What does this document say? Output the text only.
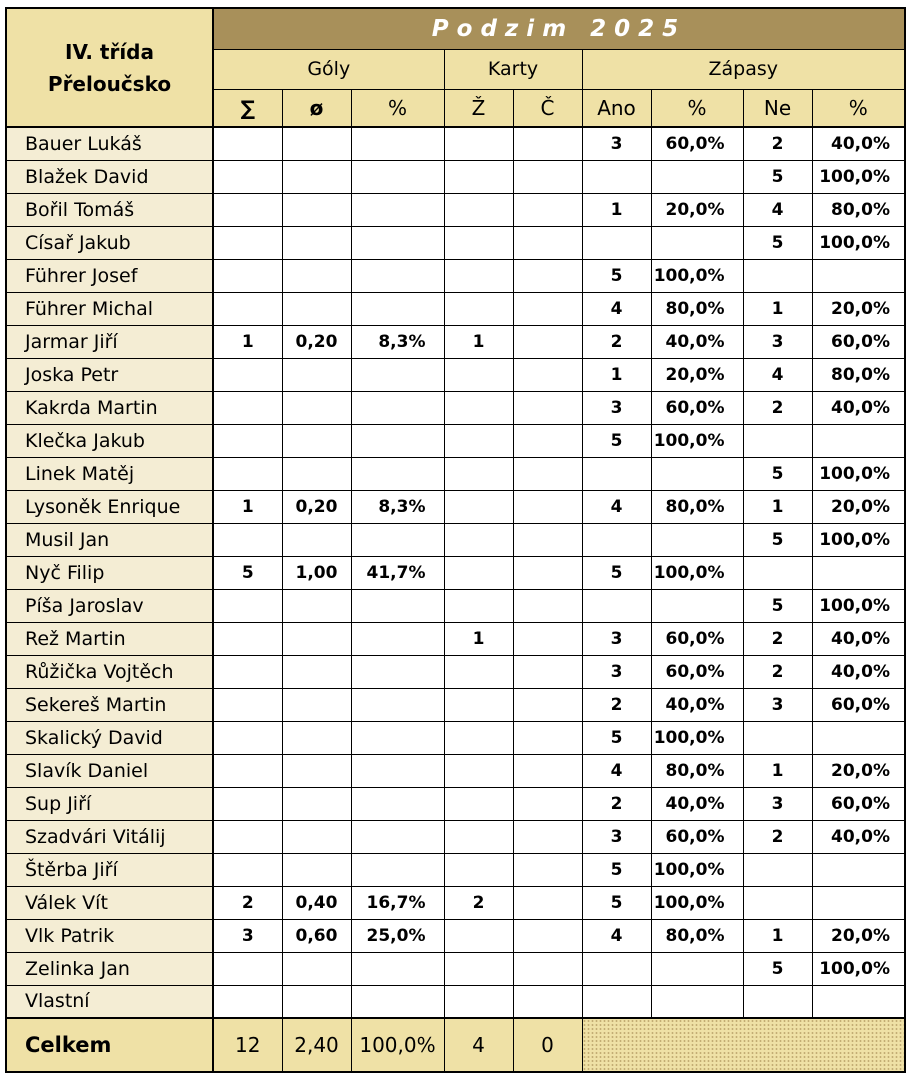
IV. třída
Přeloučsko	Podzim 2025								
	Góly			Karty		Zápasy			
	∑	ø	%	Ž	Č	Ano	%	Ne	%
Bauer Lukáš						3	60,0%	2	40,0%
Blažek David								5	100,0%
Bořil Tomáš						1	20,0%	4	80,0%
Císař Jakub								5	100,0%
Führer Josef						5	100,0%		
Führer Michal						4	80,0%	1	20,0%
Jarmar Jiří	1	0,20	8,3%	1		2	40,0%	3	60,0%
Joska Petr						1	20,0%	4	80,0%
Kakrda Martin						3	60,0%	2	40,0%
Klečka Jakub						5	100,0%		
Linek Matěj								5	100,0%
Lysoněk Enrique	1	0,20	8,3%			4	80,0%	1	20,0%
Musil Jan								5	100,0%
Nyč Filip	5	1,00	41,7%			5	100,0%		
Píša Jaroslav								5	100,0%
Rež Martin				1		3	60,0%	2	40,0%
Růžička Vojtěch						3	60,0%	2	40,0%
Sekereš Martin						2	40,0%	3	60,0%
Skalický David						5	100,0%		
Slavík Daniel						4	80,0%	1	20,0%
Sup Jiří						2	40,0%	3	60,0%
Szadvári Vitálij						3	60,0%	2	40,0%
Štěrba Jiří						5	100,0%		
Válek Vít	2	0,40	16,7%	2		5	100,0%		
Vlk Patrik	3	0,60	25,0%			4	80,0%	1	20,0%
Zelinka Jan								5	100,0%
Vlastní									
Celkem	12	2,40	100,0%	4	0				
